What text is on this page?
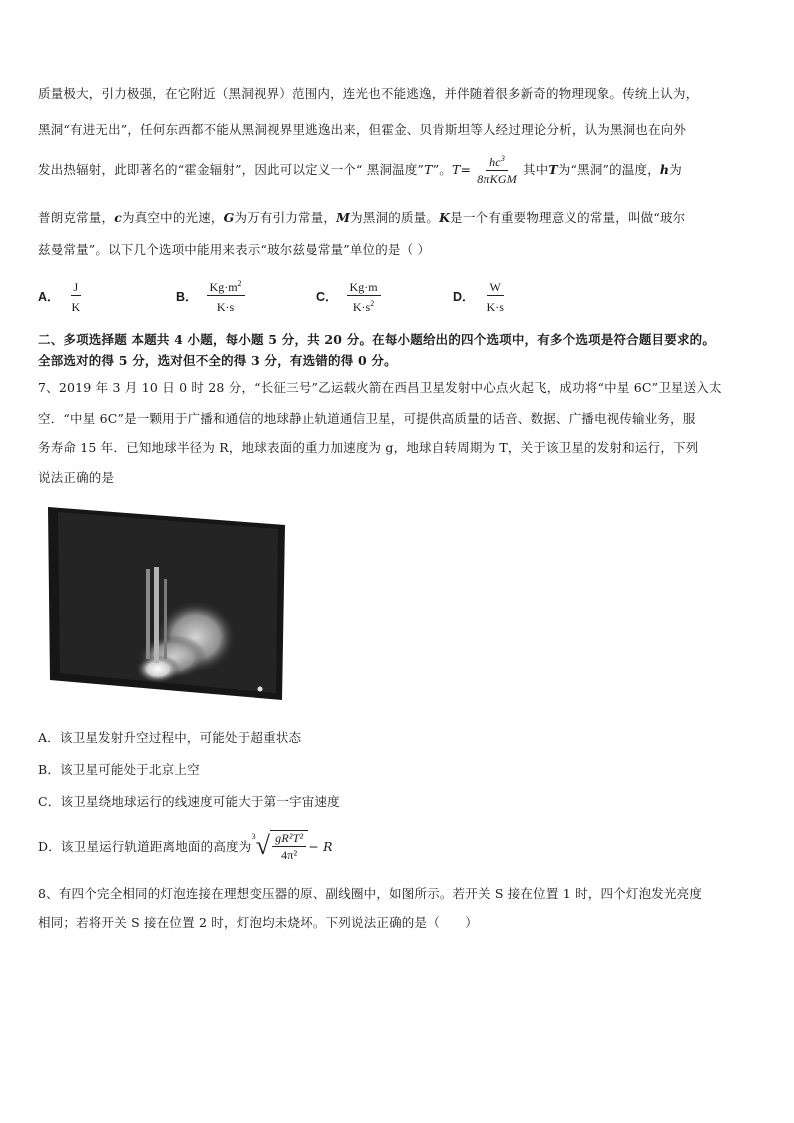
质量极大，引力极强，在它附近（黑洞视界）范围内，连光也不能逃逸，并伴随着很多新奇的物理现象。传统上认为，
黑洞“有进无出”，任何东西都不能从黑洞视界里逃逸出来，但霍金、贝肯斯坦等人经过理论分析，认为黑洞也在向外
发出热辐射，此即著名的“霍金辐射”，因此可以定义一个“ 黑洞温度” T ”。 $T = \frac{hc^3}{\text{8πKGM}}$ 其中 T 为“黑洞”的温度， h 为
普朗克常量，c为真空中的光速，G为万有引力常量，M为黑洞的质量。K是一个有重要物理意义的常量，叫做“玻尔
兹曼常量”。以下几个选项中能用来表示“玻尔兹曼常量”单位的是（ ）
A． $\frac{J}{K}$	B． $\frac{Kg\cdot m^2}{K\cdot s}$	C． $\frac{Kg\cdot m}{K\cdot s^2}$	D． $\frac{W}{K\cdot s}$
二、多项选择题 本题共 4 小题，每小题 5 分，共 20 分。在每小题给出的四个选项中，有多个选项是符合题目要求的。
全部选对的得 5 分，选对但不全的得 3 分，有选错的得 0 分。
7、2019 年 3 月 10 日 0 时 28 分，“长征三号”乙运载火箭在西昌卫星发射中心点火起飞，成功将“中星 6C”卫星送入太
空．“中星 6C”是一颗用于广播和通信的地球静止轨道通信卫星，可提供高质量的话音、数据、广播电视传输业务，服
务寿命 15 年．已知地球半径为 R，地球表面的重力加速度为 g，地球自转周期为 T，关于该卫星的发射和运行，下列
说法正确的是
A．该卫星发射升空过程中，可能处于超重状态
B．该卫星可能处于北京上空
C．该卫星绕地球运行的线速度可能大于第一宇宙速度
D．该卫星运行轨道距离地面的高度为
3 √ $\frac{\text{gR²T²}}{\text{4π²}} - R$
8、有四个完全相同的灯泡连接在理想变压器的原、副线圈中，如图所示。若开关 S 接在位置 1 时，四个灯泡发光亮度
相同；若将开关 S 接在位置 2 时，灯泡均未烧坏。下列说法正确的是（　　）
